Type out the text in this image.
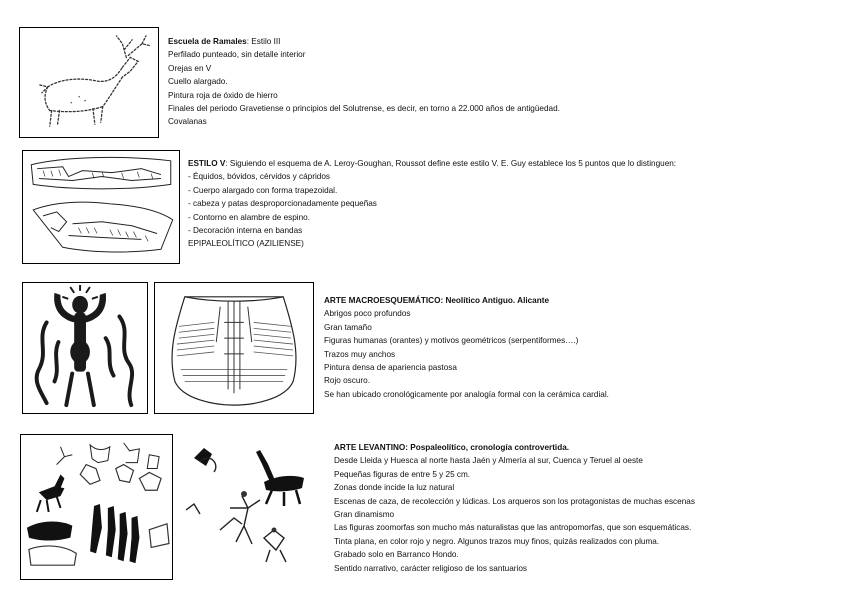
Escuela de Ramales: Estilo III
Perfilado punteado, sin detalle interior
Orejas en V
Cuello alargado.
Pintura roja de óxido de hierro
Finales del periodo Gravetiense o principios del Solutrense, es decir, en torno a 22.000 años de antigüedad.
Covalanas
ESTILO V: Siguiendo el esquema de A. Leroy-Goughan, Roussot define este estilo V. E. Guy establece los 5 puntos que lo distinguen:
- Équidos, bóvidos, cérvidos y cápridos
- Cuerpo alargado con forma trapezoidal.
- cabeza y patas desproporcionadamente pequeñas
- Contorno en alambre de espino.
- Decoración interna en bandas
EPIPALEOLÍTICO (AZILIENSE)
ARTE MACROESQUEMÁTICO: Neolítico Antiguo. Alicante
Abrigos poco profundos
Gran tamaño
Figuras humanas (orantes) y motivos geométricos (serpentiformes….)
Trazos muy anchos
Pintura densa de apariencia pastosa
Rojo oscuro.
Se han ubicado cronológicamente por analogía formal con la cerámica cardial.
ARTE LEVANTINO: Pospaleolítico, cronología controvertida.
Desde Lleida y Huesca al norte hasta Jaén y Almería al sur, Cuenca y Teruel al oeste
Pequeñas figuras de entre 5 y 25 cm.
Zonas donde incide la luz natural
Escenas de caza, de recolección y lúdicas. Los arqueros son los protagonistas de muchas escenas
Gran dinamismo
Las figuras zoomorfas son mucho más naturalistas que las antropomorfas, que son esquemáticas.
Tinta plana, en color rojo y negro. Algunos trazos muy finos, quizás realizados con pluma.
Grabado solo en Barranco Hondo.
Sentido narrativo, carácter religioso de los santuarios
